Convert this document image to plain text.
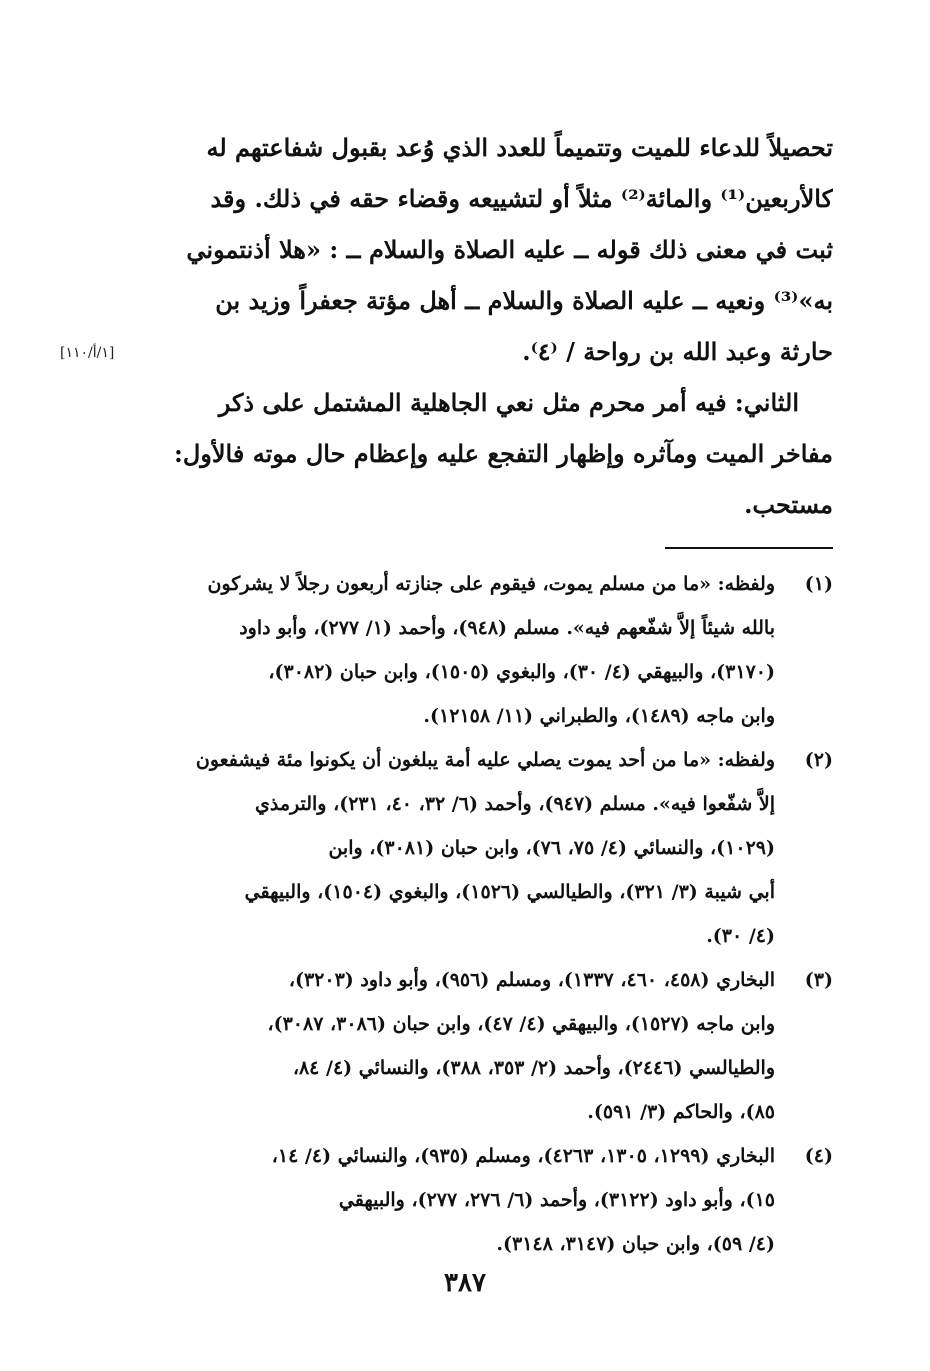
تحصيلاً للدعاء للميت وتتميماً للعدد الذي وُعد بقبول شفاعتهم له
كالأربعين⁽¹⁾ والمائة⁽²⁾ مثلاً أو لتشييعه وقضاء حقه في ذلك. وقد
ثبت في معنى ذلك قوله ــ عليه الصلاة والسلام ــ : «هلا أذنتموني
به»⁽³⁾ ونعيه ــ عليه الصلاة والسلام ــ أهل مؤتة جعفراً وزيد بن
حارثة وعبد الله بن رواحة / ⁽٤⁾.
الثاني: فيه أمر محرم مثل نعي الجاهلية المشتمل على ذكر
مفاخر الميت ومآثره وإظهار التفجع عليه وإعظام حال موته فالأول:
مستحب.
[١/أ/١١٠]
(١)
ولفظه: «ما من مسلم يموت، فيقوم على جنازته أربعون رجلاً لا يشركون
بالله شيئاً إلاَّ شفّعهم فيه». مسلم (٩٤٨)، وأحمد (١/ ٢٧٧)، وأبو داود
(٣١٧٠)، والبيهقي (٤/ ٣٠)، والبغوي (١٥٠٥)، وابن حبان (٣٠٨٢)،
وابن ماجه (١٤٨٩)، والطبراني (١١/ ١٢١٥٨).
(٢)
ولفظه: «ما من أحد يموت يصلي عليه أمة يبلغون أن يكونوا مئة فيشفعون
إلاَّ شفّعوا فيه». مسلم (٩٤٧)، وأحمد (٦/ ٣٢، ٤٠، ٢٣١)، والترمذي
(١٠٢٩)، والنسائي (٤/ ٧٥، ٧٦)، وابن حبان (٣٠٨١)، وابن
أبي شيبة (٣/ ٣٢١)، والطيالسي (١٥٢٦)، والبغوي (١٥٠٤)، والبيهقي
(٤/ ٣٠).
(٣)
البخاري (٤٥٨، ٤٦٠، ١٣٣٧)، ومسلم (٩٥٦)، وأبو داود (٣٢٠٣)،
وابن ماجه (١٥٢٧)، والبيهقي (٤/ ٤٧)، وابن حبان (٣٠٨٦، ٣٠٨٧)،
والطيالسي (٢٤٤٦)، وأحمد (٢/ ٣٥٣، ٣٨٨)، والنسائي (٤/ ٨٤،
٨٥)، والحاكم (٣/ ٥٩١).
(٤)
البخاري (١٢٩٩، ١٣٠٥، ٤٢٦٣)، ومسلم (٩٣٥)، والنسائي (٤/ ١٤،
١٥)، وأبو داود (٣١٢٢)، وأحمد (٦/ ٢٧٦، ٢٧٧)، والبيهقي
(٤/ ٥٩)، وابن حبان (٣١٤٧، ٣١٤٨).
٣٨٧
